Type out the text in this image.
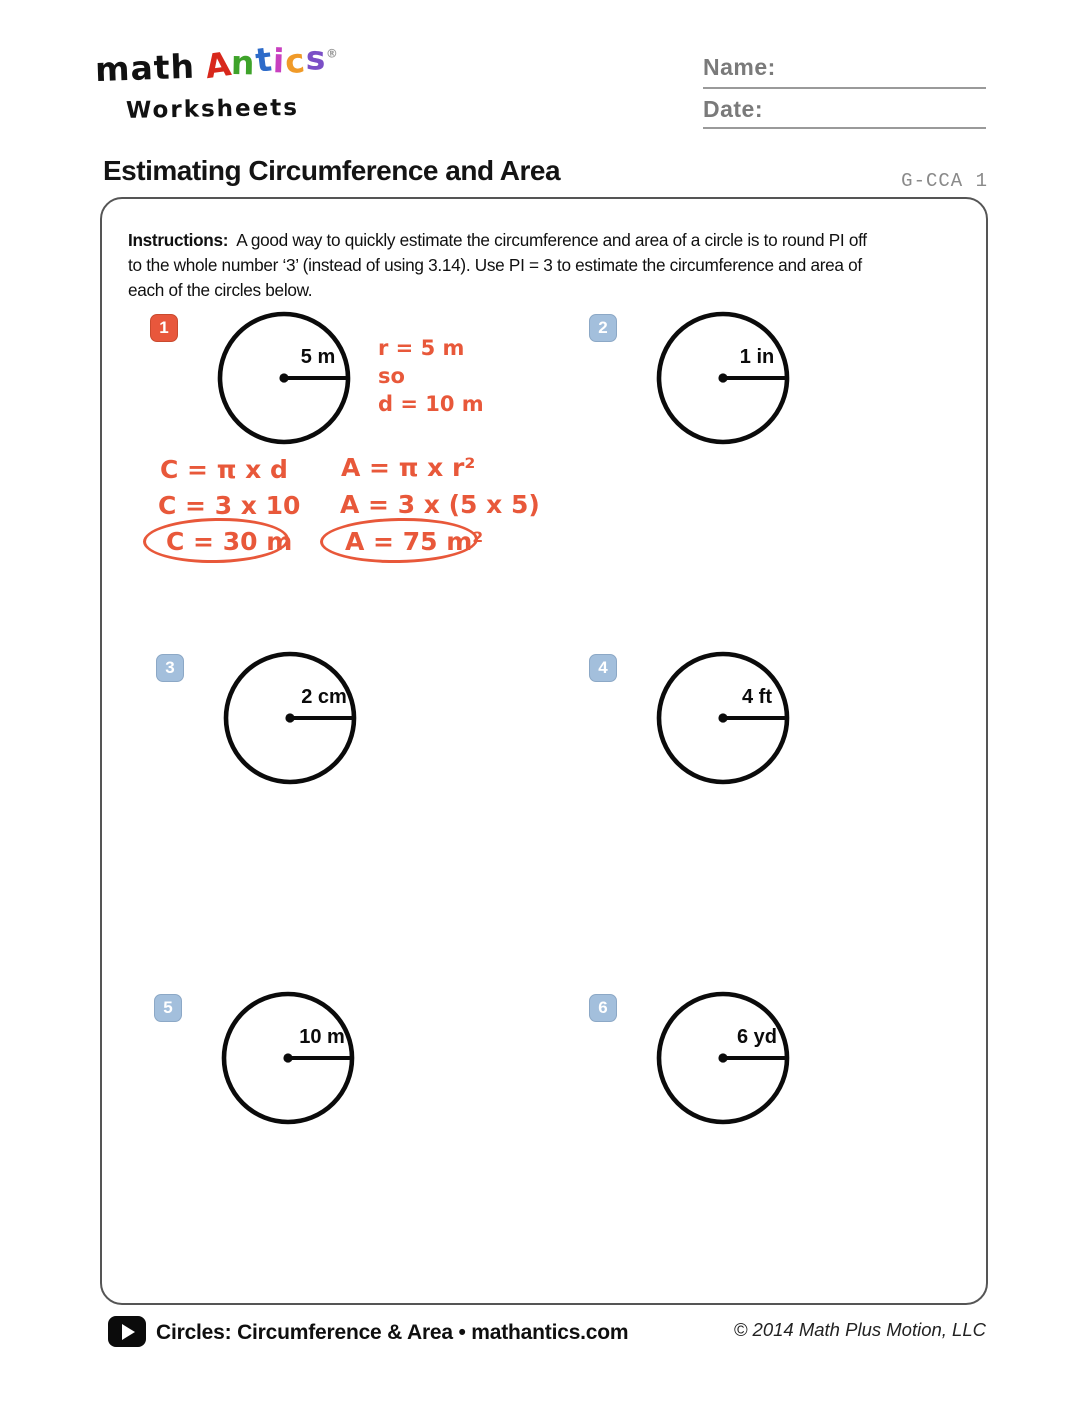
math Antics®
Worksheets
Name:
Date:
Estimating Circumference and Area	G-CCA 1
Instructions: A good way to quickly estimate the circumference and area of a circle is to round PI off
to the whole number ‘3’ (instead of using 3.14). Use PI = 3 to estimate the circumference and area of
each of the circles below.
1
5 m
2
1 in
r = 5 m
so
d = 10 m
C = π x d
C = 3 x 10
C = 30 m
A = π x r²
A = 3 x (5 x 5)
A = 75 m²
3
2 cm
4
4 ft
5
10 m
6
6 yd
Circles: Circumference & Area • mathantics.com	© 2014 Math Plus Motion, LLC
